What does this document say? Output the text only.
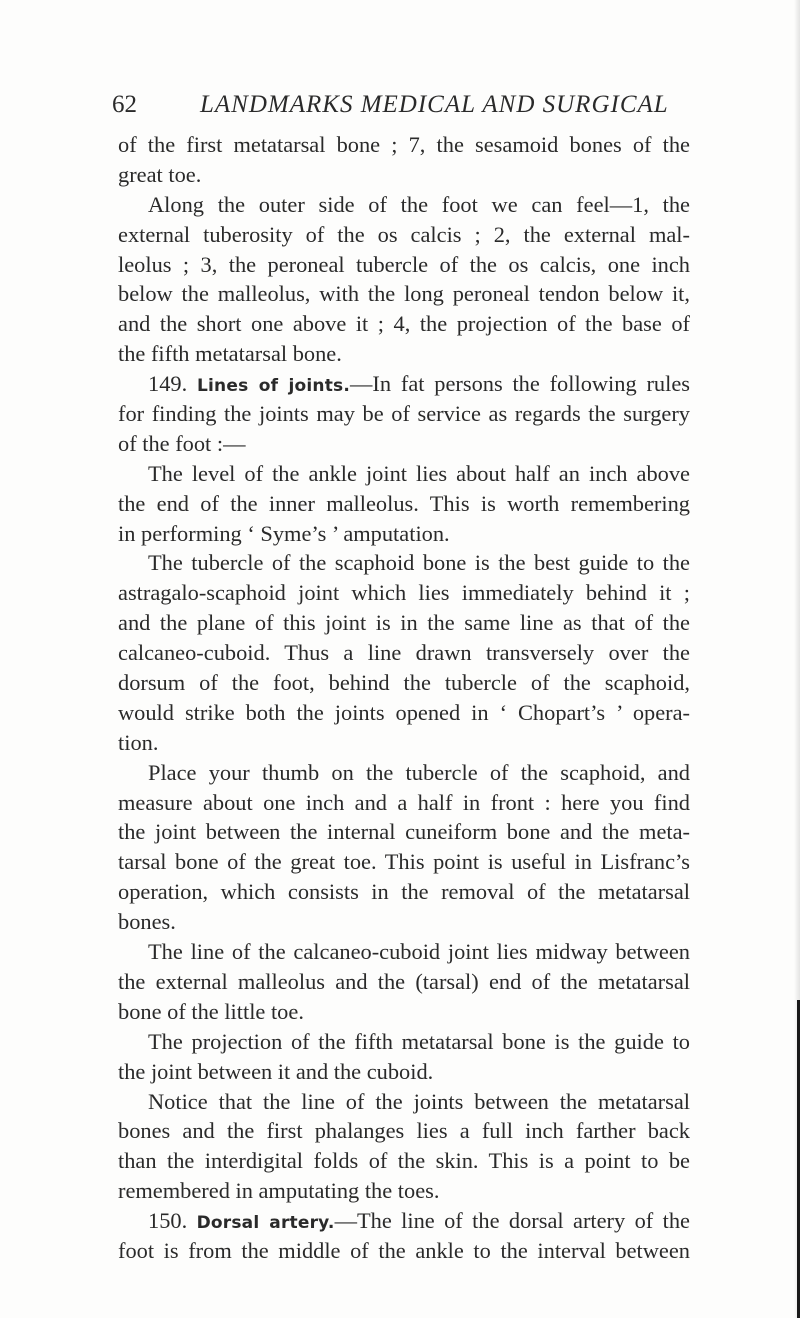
62	LANDMARKS MEDICAL AND SURGICAL
of the first metatarsal bone ; 7, the sesamoid bones of the
great toe.
Along the outer side of the foot we can feel—1, the
external tuberosity of the os calcis ; 2, the external mal-
leolus ; 3, the peroneal tubercle of the os calcis, one inch
below the malleolus, with the long peroneal tendon below it,
and the short one above it ; 4, the projection of the base of
the fifth metatarsal bone.
149. Lines of joints.—In fat persons the following rules
for finding the joints may be of service as regards the surgery
of the foot :—
The level of the ankle joint lies about half an inch above
the end of the inner malleolus. This is worth remembering
in performing ‘ Syme’s ’ amputation.
The tubercle of the scaphoid bone is the best guide to the
astragalo-scaphoid joint which lies immediately behind it ;
and the plane of this joint is in the same line as that of the
calcaneo-cuboid. Thus a line drawn transversely over the
dorsum of the foot, behind the tubercle of the scaphoid,
would strike both the joints opened in ‘ Chopart’s ’ opera-
tion.
Place your thumb on the tubercle of the scaphoid, and
measure about one inch and a half in front : here you find
the joint between the internal cuneiform bone and the meta-
tarsal bone of the great toe. This point is useful in Lisfranc’s
operation, which consists in the removal of the metatarsal
bones.
The line of the calcaneo-cuboid joint lies midway between
the external malleolus and the (tarsal) end of the metatarsal
bone of the little toe.
The projection of the fifth metatarsal bone is the guide to
the joint between it and the cuboid.
Notice that the line of the joints between the metatarsal
bones and the first phalanges lies a full inch farther back
than the interdigital folds of the skin. This is a point to be
remembered in amputating the toes.
150. Dorsal artery.—The line of the dorsal artery of the
foot is from the middle of the ankle to the interval between
